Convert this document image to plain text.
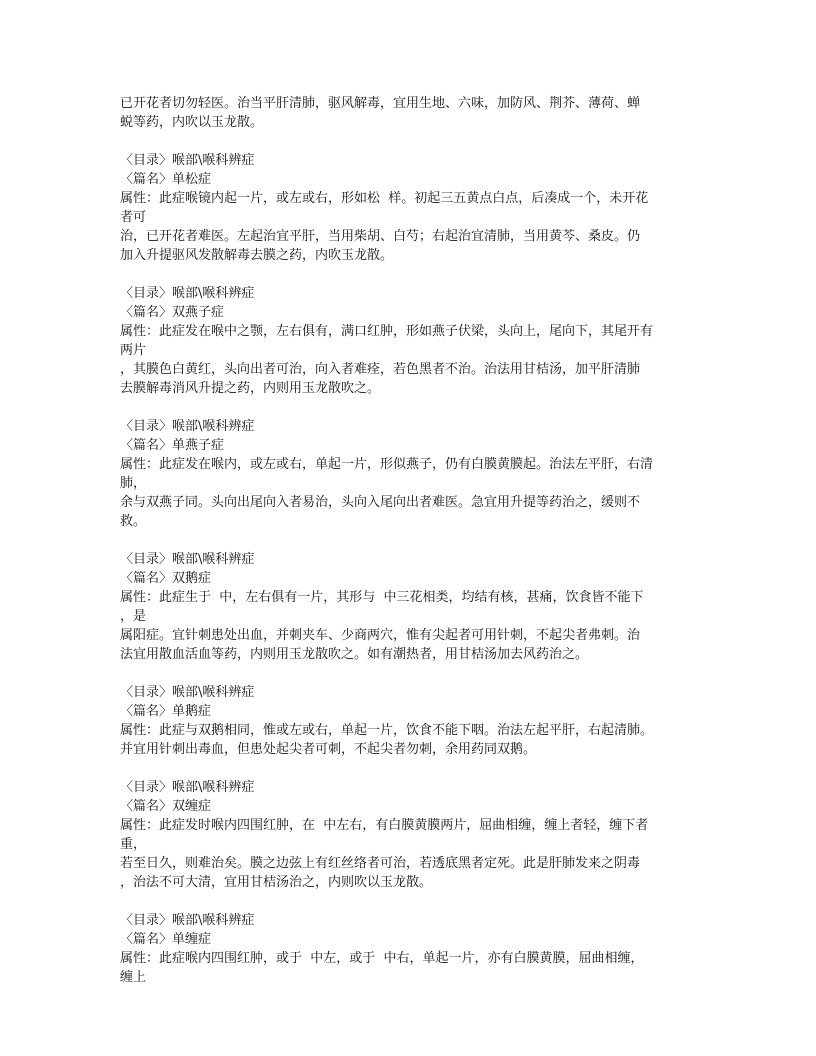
已开花者切勿轻医。治当平肝清肺，驱风解毒，宜用生地、六味，加防风、荆芥、薄荷、蝉
蜕等药，内吹以玉龙散。
〈目录〉喉部\喉科辨症
〈篇名〉单松症
属性：此症喉镜内起一片，或左或右，形如松  样。初起三五黄点白点，后凑成一个，未开花
者可
治，已开花者难医。左起治宜平肝，当用柴胡、白芍；右起治宜清肺，当用黄芩、桑皮。仍
加入升提驱风发散解毒去膜之药，内吹玉龙散。
〈目录〉喉部\喉科辨症
〈篇名〉双燕子症
属性：此症发在喉中之颚，左右俱有，满口红肿，形如燕子伏梁，头向上，尾向下，其尾开有
两片
，其膜色白黄红，头向出者可治，向入者难痊，若色黑者不治。治法用甘桔汤，加平肝清肺
去膜解毒消风升提之药，内则用玉龙散吹之。
〈目录〉喉部\喉科辨症
〈篇名〉单燕子症
属性：此症发在喉内，或左或右，单起一片，形似燕子，仍有白膜黄膜起。治法左平肝，右清
肺，
余与双燕子同。头向出尾向入者易治，头向入尾向出者难医。急宜用升提等药治之，缓则不
救。
〈目录〉喉部\喉科辨症
〈篇名〉双鹅症
属性：此症生于  中，左右俱有一片，其形与  中三花相类，均结有核，甚痛，饮食皆不能下
，是
属阳症。宜针刺患处出血，并刺夹车、少商两穴，惟有尖起者可用针刺，不起尖者弗刺。治
法宜用散血活血等药，内则用玉龙散吹之。如有潮热者，用甘桔汤加去风药治之。
〈目录〉喉部\喉科辨症
〈篇名〉单鹅症
属性：此症与双鹅相同，惟或左或右，单起一片，饮食不能下咽。治法左起平肝，右起清肺。
并宜用针刺出毒血，但患处起尖者可刺，不起尖者勿刺，余用药同双鹅。
〈目录〉喉部\喉科辨症
〈篇名〉双缠症
属性：此症发时喉内四围红肿，在  中左右，有白膜黄膜两片，屈曲相缠，缠上者轻，缠下者
重，
若至日久，则难治矣。膜之边弦上有红丝络者可治，若透底黑者定死。此是肝肺发来之阴毒
，治法不可大清，宜用甘桔汤治之，内则吹以玉龙散。
〈目录〉喉部\喉科辨症
〈篇名〉单缠症
属性：此症喉内四围红肿，或于  中左，或于  中右，单起一片，亦有白膜黄膜，屈曲相缠，
缠上
